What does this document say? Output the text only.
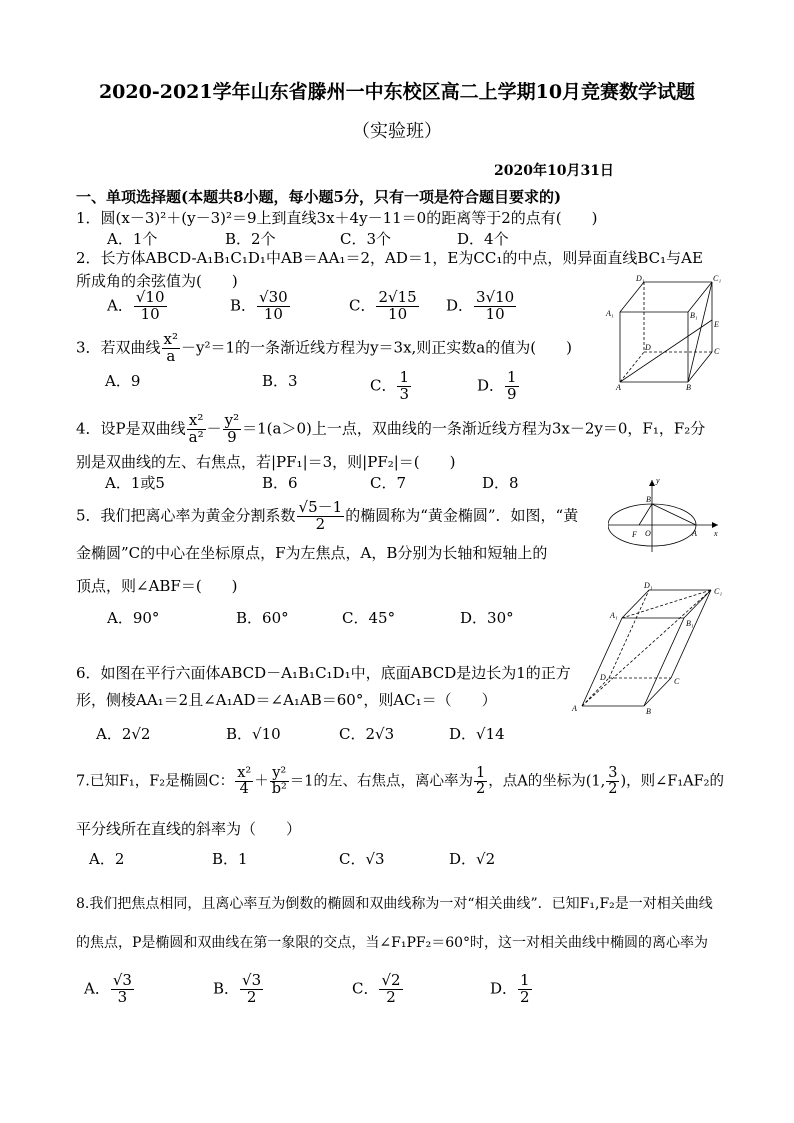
2020-2021学年山东省滕州一中东校区高二上学期10月竞赛数学试题
（实验班）
2020年10月31日
一、单项选择题(本题共8小题，每小题5分，只有一项是符合题目要求的)
1．圆(x－3)²＋(y－3)²＝9上到直线3x＋4y－11＝0的距离等于2的点有(　　)
A．1个	B．2个	C．3个	D．4个
2．长方体ABCD-A₁B₁C₁D₁中AB＝AA₁＝2，AD＝1，E为CC₁的中点，则异面直线BC₁与AE
所成角的余弦值为(　　)
A． $\frac{√10}{10}$	B． $\frac{√30}{10}$	C． $\frac{2√15}{10}$ D． $\frac{3√10}{10}$
3．若双曲线 $\frac{\text{x²}}{a} -y^2=1$的一条渐近线方程为y＝3x,则正实数a的值为(　　)
A．9	B．3	C． $\frac{1}{3}$	D． $\frac{1}{9}$
4．设P是双曲线 $\frac{\text{x²}}{\text{a²}} - \frac{\text{y²}}{9} =1(a>0)$上一点，双曲线的一条渐近线方程为3x－2y＝0，F₁，F₂分
别是双曲线的左、右焦点，若|PF₁|＝3，则|PF₂|＝(　　)
A．1或5	B．6	C．7	D．8
5．我们把离心率为黄金分割系数 $\frac{√5-1}{2}$ 的椭圆称为“黄金椭圆”．如图，“黄
金椭圆”C的中心在坐标原点，F为左焦点，A，B分别为长轴和短轴上的
顶点，则∠ABF＝(　　)
A．90°	B．60°	C．45°	D．30°
6．如图在平行六面体ABCD－A₁B₁C₁D₁中，底面ABCD是边长为1的正方
形，侧棱AA₁＝2且∠A₁AD＝∠A₁AB＝60°，则AC₁＝（　　）
A．2√2	B．√10	C．2√3	D．√14
7.已知F₁，F₂是椭圆C： $\frac{\text{x²}}{4} + \frac{\text{y²}}{\text{b²}} =1$的左、右焦点，离心率为 $\frac{1}{2}$ ，点A的坐标为(1, $\frac{3}{2}$ )，则∠F₁AF₂的
平分线所在直线的斜率为（　　）
A．2	B．1	C．√3	D．√2
8.我们把焦点相同，且离心率互为倒数的椭圆和双曲线称为一对“相关曲线”．已知F₁,F₂是一对相关曲线
的焦点，P是椭圆和双曲线在第一象限的交点，当∠F₁PF₂＝60°时，这一对相关曲线中椭圆的离心率为
A． $\frac{√3}{3}$	B． $\frac{√3}{2}$	C． $\frac{√2}{2}$	D． $\frac{1}{2}$
D₁	C₁
A₁	B₁
E
D	C
A	B
y
B
F O	A x
D₁
C₁
A₁
B₁
D	C
A	B
